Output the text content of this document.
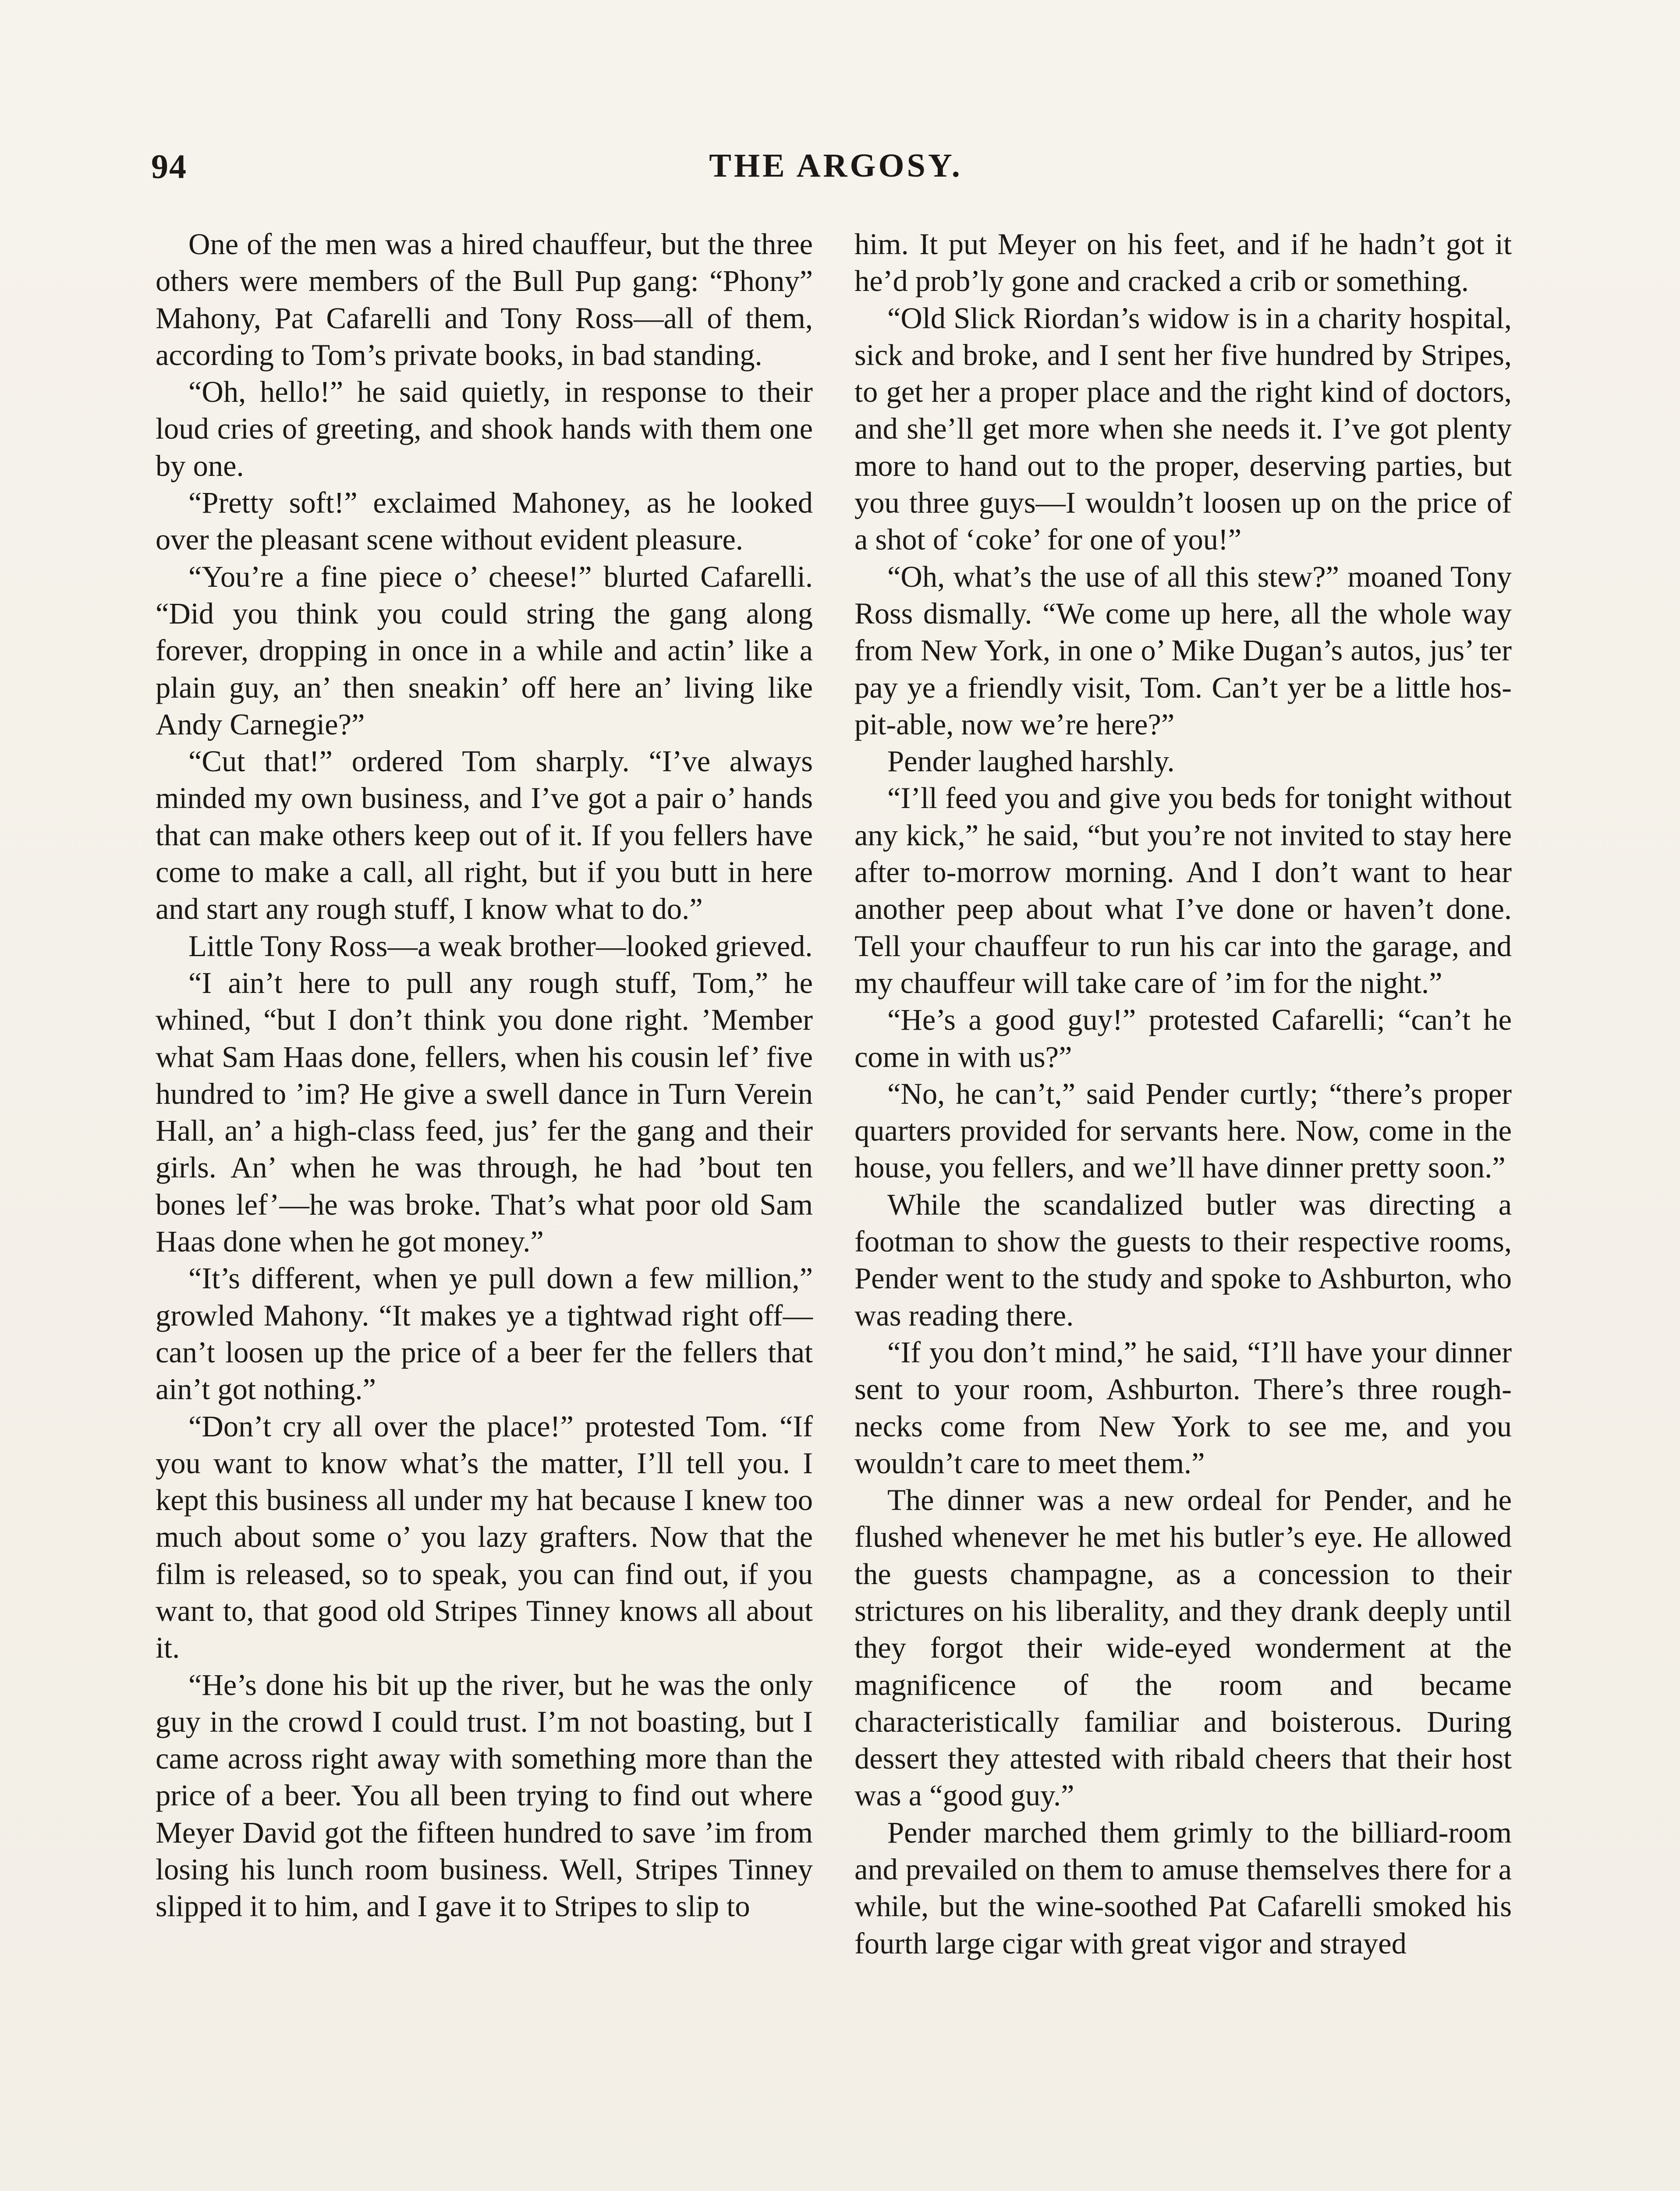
94	THE ARGOSY.

One of the men was a hired chauffeur, but the three others were members of the Bull Pup gang: “Phony” Mahony, Pat Cafarelli and Tony Ross—all of them, according to Tom’s private books, in bad standing.

“Oh, hello!” he said quietly, in response to their loud cries of greeting, and shook hands with them one by one.

“Pretty soft!” exclaimed Mahoney, as he looked over the pleasant scene without evident pleasure.

“You’re a fine piece o’ cheese!” blurted Cafarelli. “Did you think you could string the gang along forever, dropping in once in a while and actin’ like a plain guy, an’ then sneakin’ off here an’ living like Andy Carnegie?”

“Cut that!” ordered Tom sharply. “I’ve always minded my own business, and I’ve got a pair o’ hands that can make others keep out of it. If you fellers have come to make a call, all right, but if you butt in here and start any rough stuff, I know what to do.”

Little Tony Ross—a weak brother—looked grieved.

“I ain’t here to pull any rough stuff, Tom,” he whined, “but I don’t think you done right. ’Member what Sam Haas done, fellers, when his cousin lef’ five hundred to ’im? He give a swell dance in Turn Verein Hall, an’ a high-class feed, jus’ fer the gang and their girls. An’ when he was through, he had ’bout ten bones lef’—he was broke. That’s what poor old Sam Haas done when he got money.”

“It’s different, when ye pull down a few million,” growled Mahony. “It makes ye a tightwad right off—can’t loosen up the price of a beer fer the fellers that ain’t got nothing.”

“Don’t cry all over the place!” protested Tom. “If you want to know what’s the matter, I’ll tell you. I kept this business all under my hat because I knew too much about some o’ you lazy grafters. Now that the film is released, so to speak, you can find out, if you want to, that good old Stripes Tinney knows all about it.

“He’s done his bit up the river, but he was the only guy in the crowd I could trust. I’m not boasting, but I came across right away with something more than the price of a beer. You all been trying to find out where Meyer David got the fifteen hundred to save ’im from losing his lunch room business. Well, Stripes Tinney slipped it to him, and I gave it to Stripes to slip to

him. It put Meyer on his feet, and if he hadn’t got it he’d prob’ly gone and cracked a crib or something.

“Old Slick Riordan’s widow is in a charity hospital, sick and broke, and I sent her five hundred by Stripes, to get her a proper place and the right kind of doctors, and she’ll get more when she needs it. I’ve got plenty more to hand out to the proper, deserving parties, but you three guys—I wouldn’t loosen up on the price of a shot of ‘coke’ for one of you!”

“Oh, what’s the use of all this stew?” moaned Tony Ross dismally. “We come up here, all the whole way from New York, in one o’ Mike Dugan’s autos, jus’ ter pay ye a friendly visit, Tom. Can’t yer be a little hos-pit-able, now we’re here?”

Pender laughed harshly.

“I’ll feed you and give you beds for tonight without any kick,” he said, “but you’re not invited to stay here after to-morrow morning. And I don’t want to hear another peep about what I’ve done or haven’t done. Tell your chauffeur to run his car into the garage, and my chauffeur will take care of ’im for the night.”

“He’s a good guy!” protested Cafarelli; “can’t he come in with us?”

“No, he can’t,” said Pender curtly; “there’s proper quarters provided for servants here. Now, come in the house, you fellers, and we’ll have dinner pretty soon.”

While the scandalized butler was directing a footman to show the guests to their respective rooms, Pender went to the study and spoke to Ashburton, who was reading there.

“If you don’t mind,” he said, “I’ll have your dinner sent to your room, Ashburton. There’s three rough-necks come from New York to see me, and you wouldn’t care to meet them.”

The dinner was a new ordeal for Pender, and he flushed whenever he met his butler’s eye. He allowed the guests champagne, as a concession to their strictures on his liberality, and they drank deeply until they forgot their wide-eyed wonderment at the magnificence of the room and became characteristically familiar and boisterous. During dessert they attested with ribald cheers that their host was a “good guy.”

Pender marched them grimly to the billiard-room and prevailed on them to amuse themselves there for a while, but the wine-soothed Pat Cafarelli smoked his fourth large cigar with great vigor and strayed
